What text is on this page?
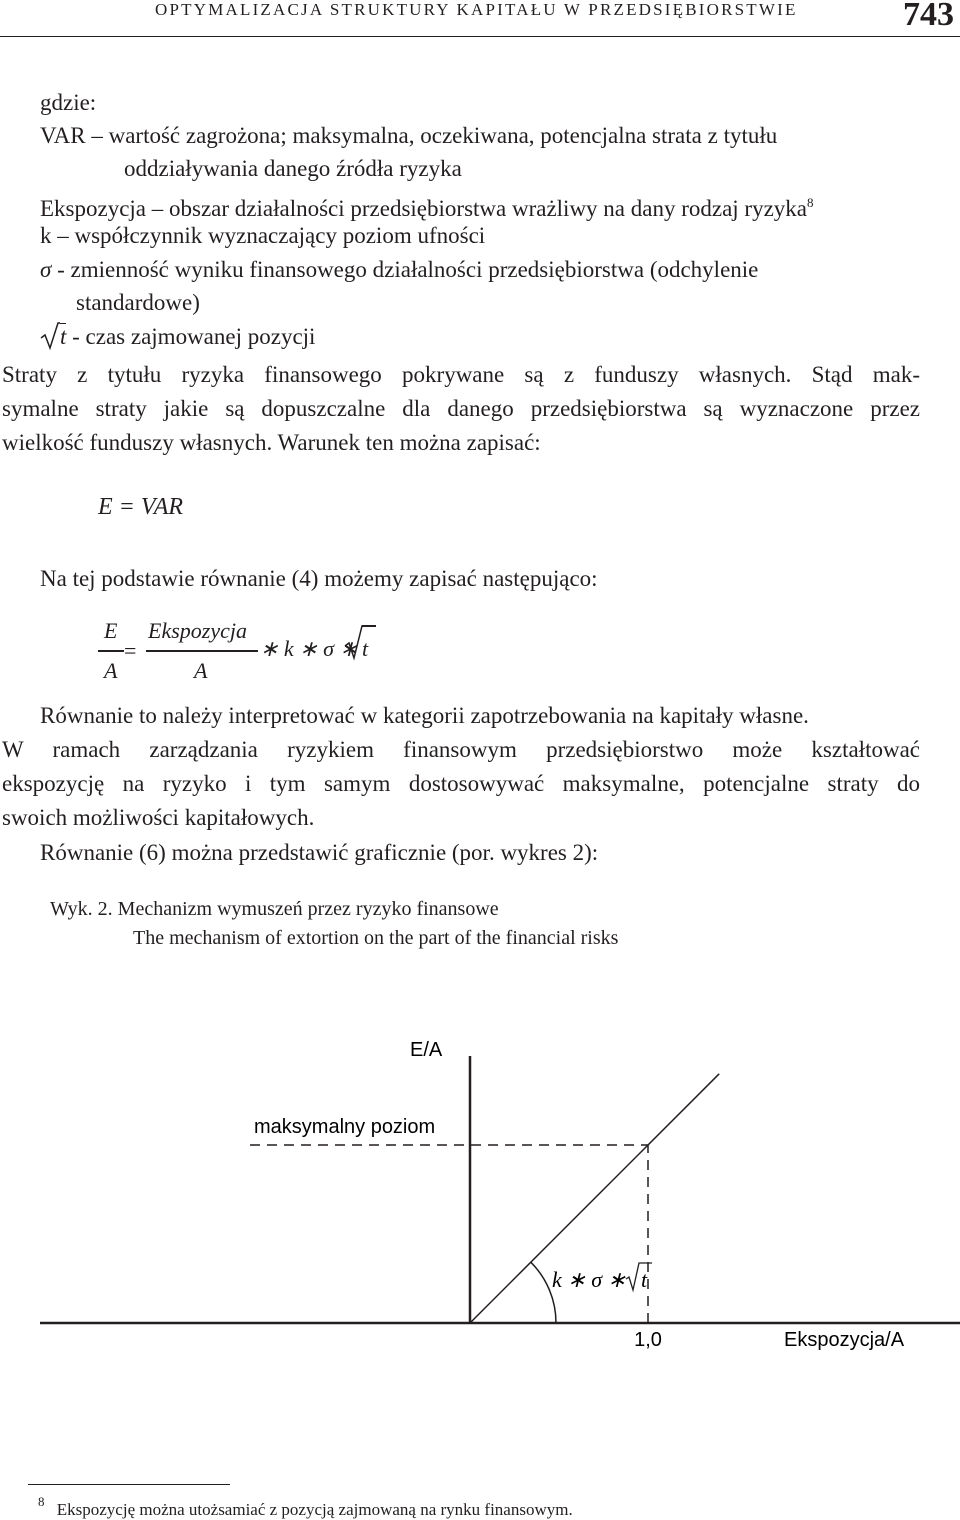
OPTYMALIZACJA STRUKTURY KAPITAŁU W PRZEDSIĘBIORSTWIE	743
gdzie:
VAR – wartość zagrożona; maksymalna, oczekiwana, potencjalna strata z tytułu
oddziaływania danego źródła ryzyka
Ekspozycja – obszar działalności przedsiębiorstwa wrażliwy na dany rodzaj ryzyka$^8$
k – współczynnik wyznaczający poziom ufności
σ - zmienność wyniku finansowego działalności przedsiębiorstwa (odchylenie
standardowe)
t - czas zajmowanej pozycji
Straty z tytułu ryzyka finansowego pokrywane są z funduszy własnych. Stąd mak-
symalne straty jakie są dopuszczalne dla danego przedsiębiorstwa są wyznaczone przez
wielkość funduszy własnych. Warunek ten można zapisać:
E = VAR
Na tej podstawie równanie (4) możemy zapisać następująco:
E
A
=
Ekspozycja
A
∗ k ∗ σ ∗ t
Równanie to należy interpretować w kategorii zapotrzebowania na kapitały własne.
W ramach zarządzania ryzykiem finansowym przedsiębiorstwo może kształtować
ekspozycję na ryzyko i tym samym dostosowywać maksymalne, potencjalne straty do
swoich możliwości kapitałowych.
Równanie (6) można przedstawić graficznie (por. wykres 2):
Wyk. 2. Mechanizm wymuszeń przez ryzyko finansowe
The mechanism of extortion on the part of the financial risks
E/A
Ekspozycja/A
1,0
maksymalny poziom
k ∗ σ ∗ t
$^8$ Ekspozycję można utożsamiać z pozycją zajmowaną na rynku finansowym.
